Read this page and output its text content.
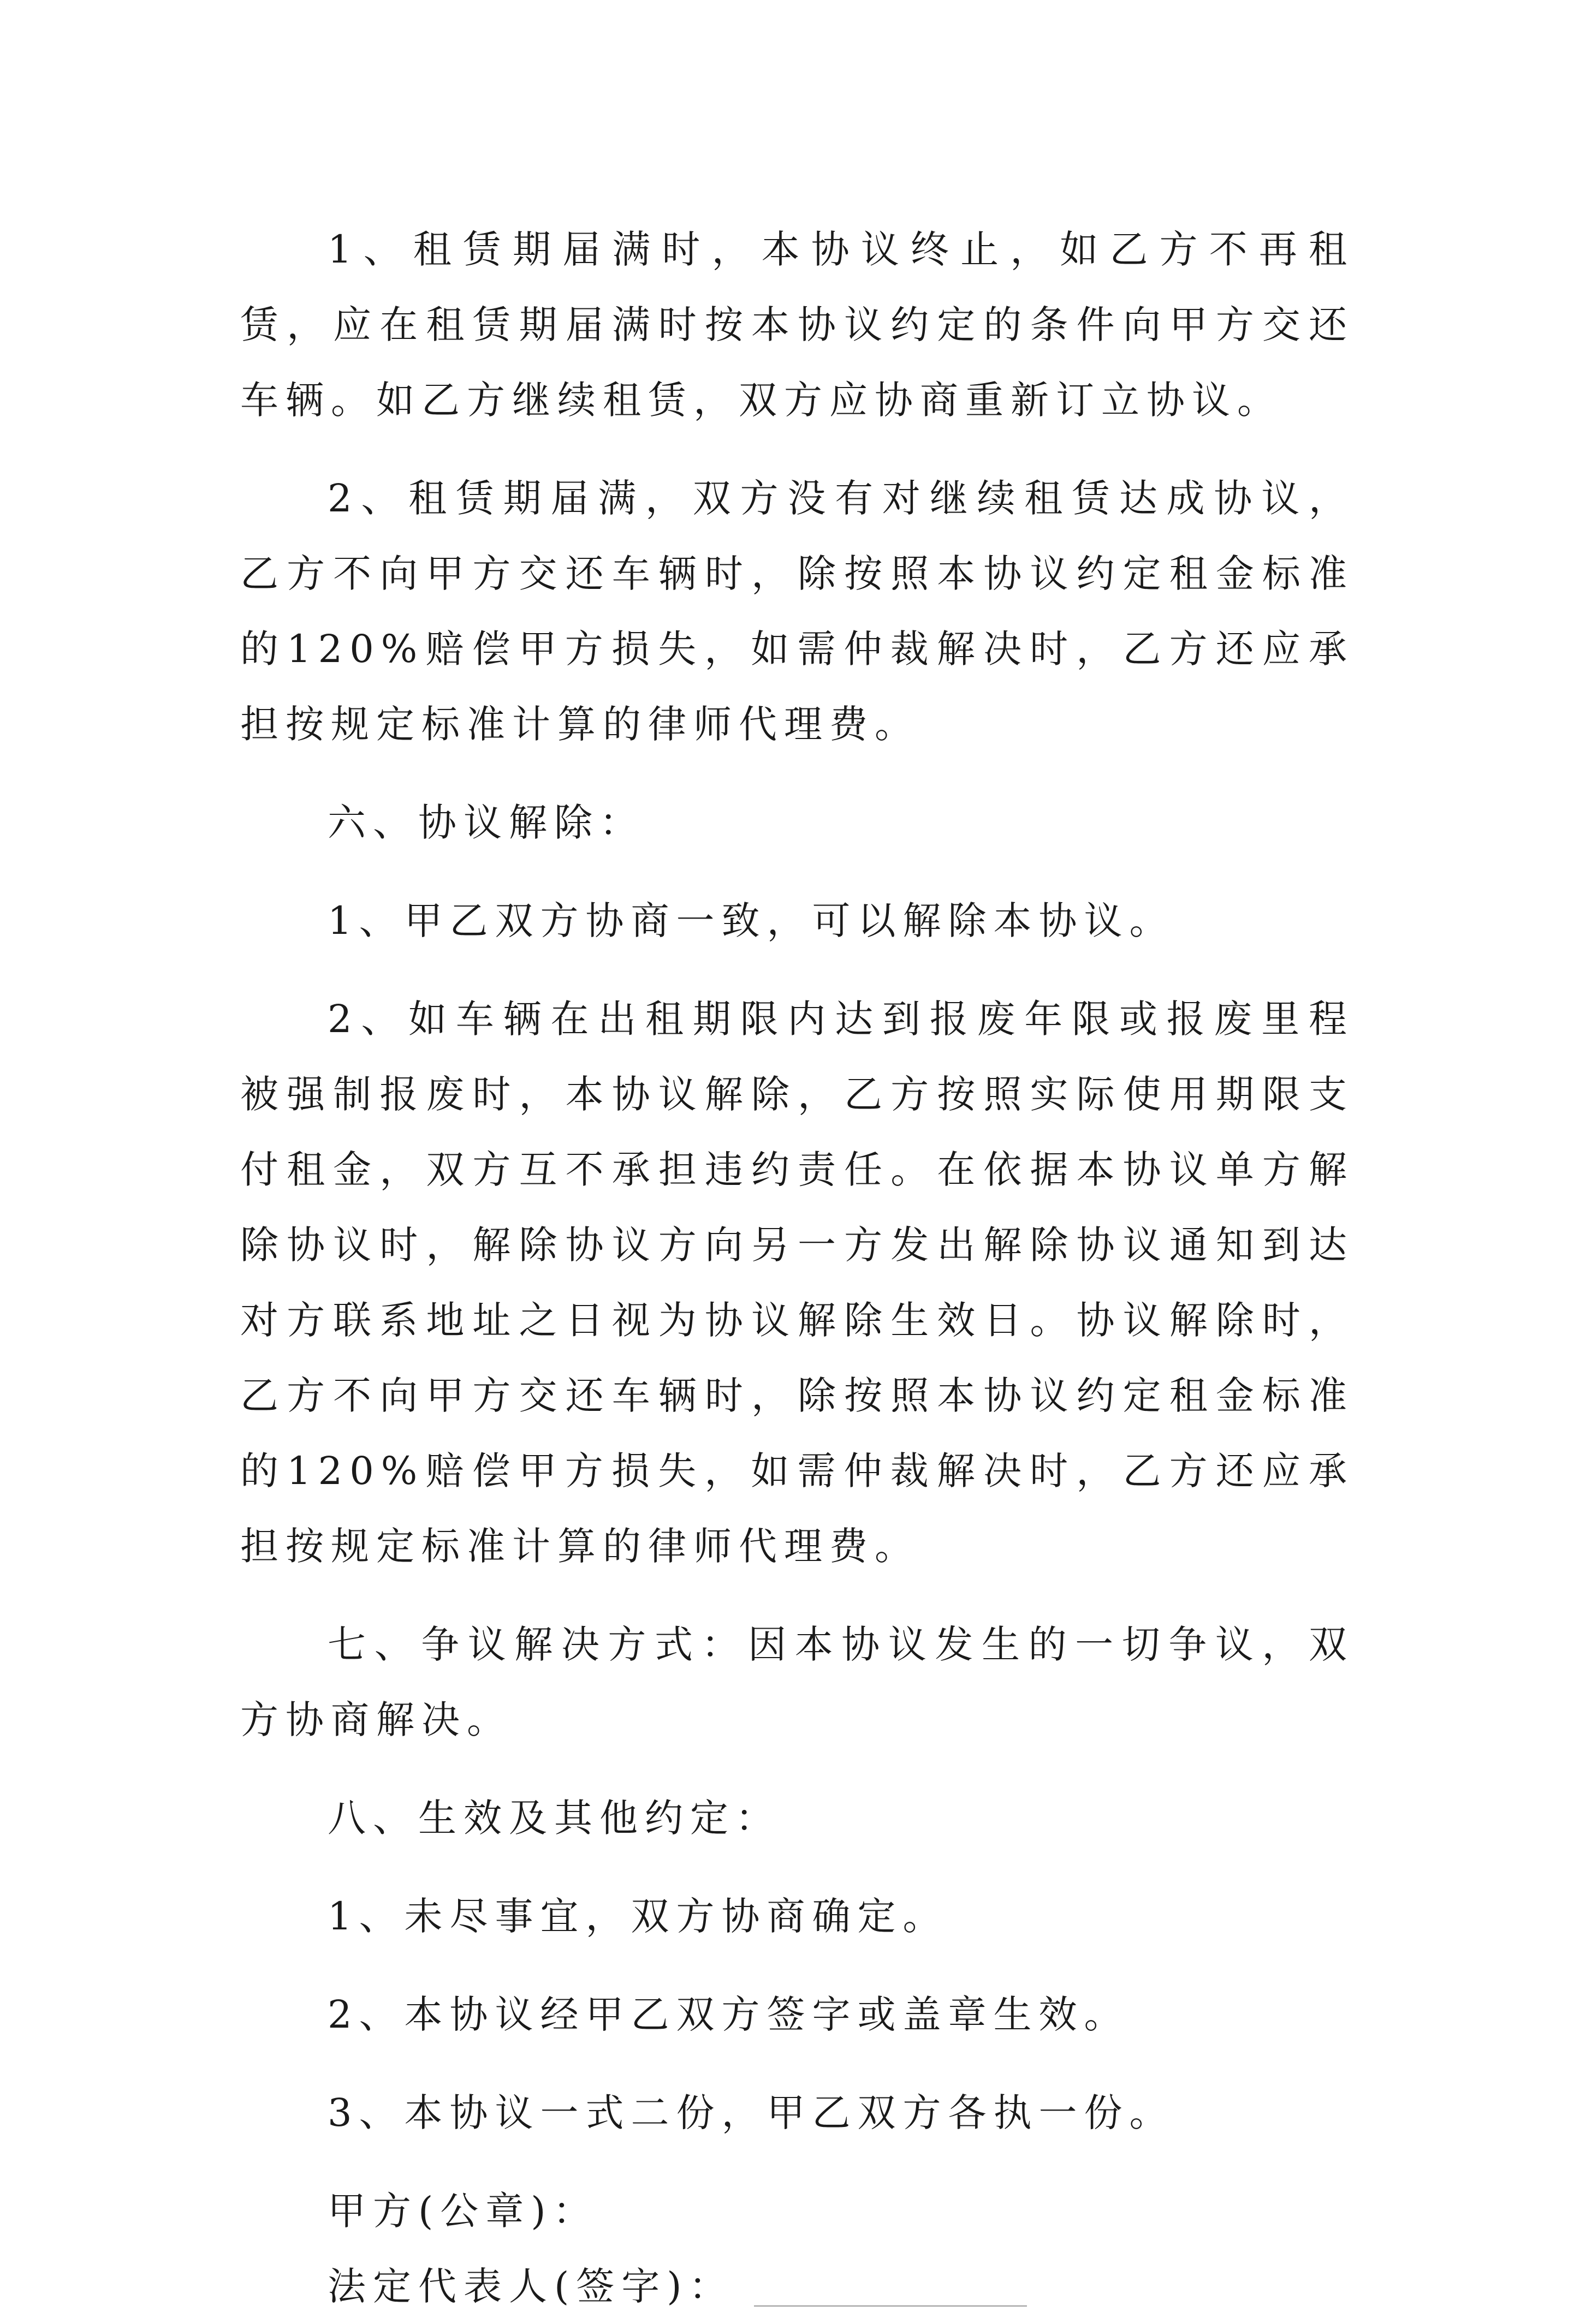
1、租赁期届满时，本协议终止，如乙方不再租赁，应在租赁期届满时按本协议约定的条件向甲方交还车辆。如乙方继续租赁，双方应协商重新订立协议。

2、租赁期届满，双方没有对继续租赁达成协议，乙方不向甲方交还车辆时，除按照本协议约定租金标准的120%赔偿甲方损失，如需仲裁解决时，乙方还应承担按规定标准计算的律师代理费。

六、协议解除：

1、甲乙双方协商一致，可以解除本协议。

2、如车辆在出租期限内达到报废年限或报废里程被强制报废时，本协议解除，乙方按照实际使用期限支付租金，双方互不承担违约责任。在依据本协议单方解除协议时，解除协议方向另一方发出解除协议通知到达对方联系地址之日视为协议解除生效日。协议解除时，乙方不向甲方交还车辆时，除按照本协议约定租金标准的120%赔偿甲方损失，如需仲裁解决时，乙方还应承担按规定标准计算的律师代理费。

七、争议解决方式：因本协议发生的一切争议，双方协商解决。

八、生效及其他约定：

1、未尽事宜，双方协商确定。

2、本协议经甲乙双方签字或盖章生效。

3、本协议一式二份，甲乙双方各执一份。

甲方(公章)：

法定代表人(签字)：
